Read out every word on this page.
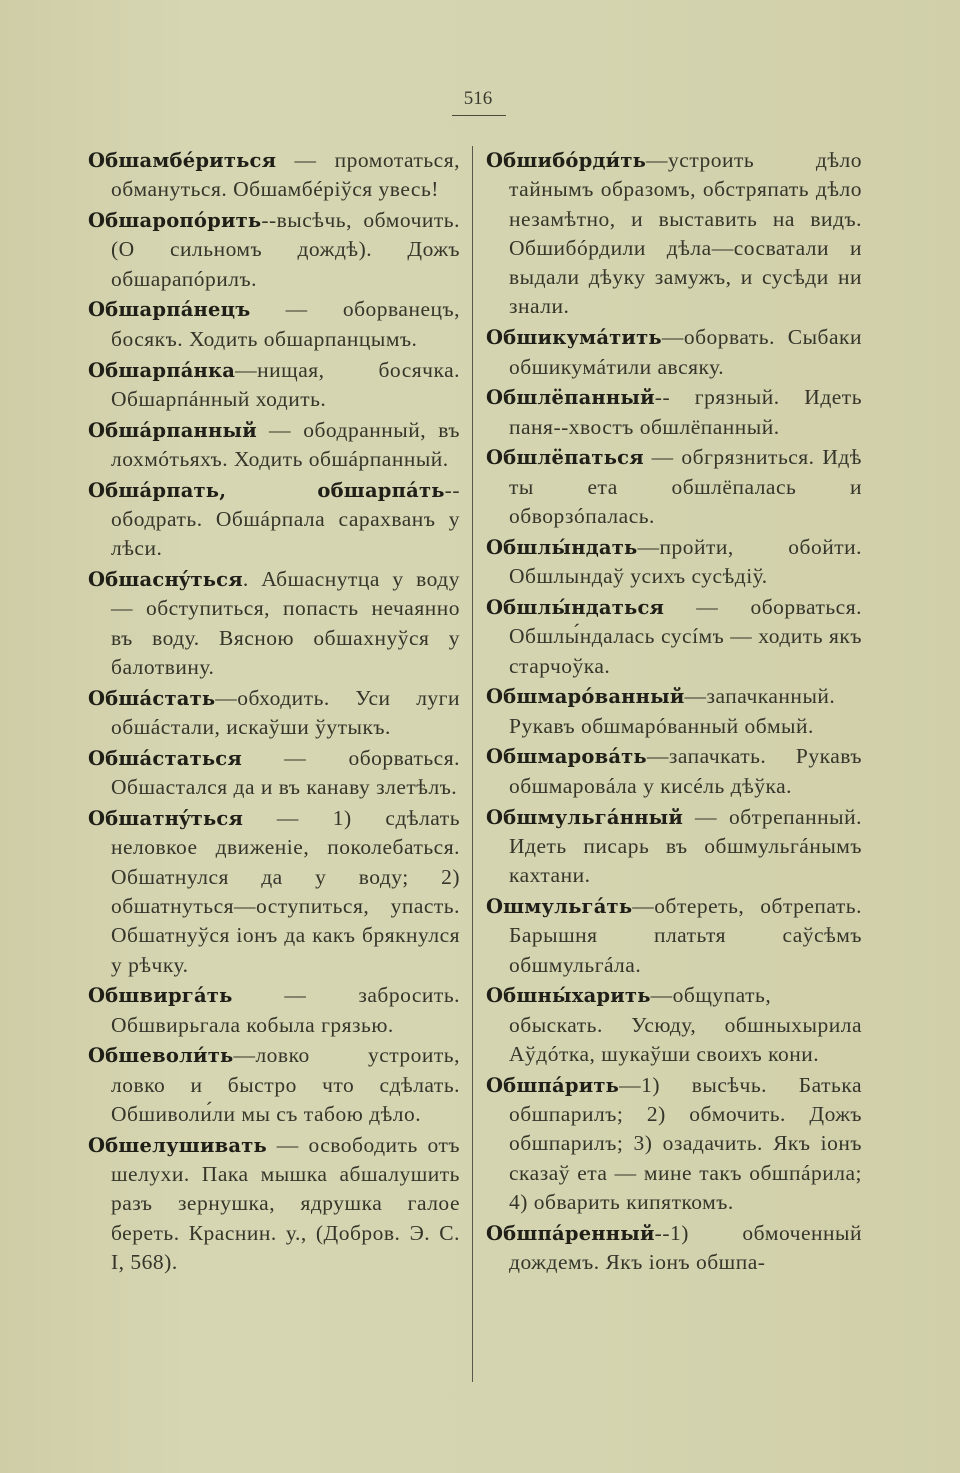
516

Обшамбéриться — промотаться, обмануться. Обшамбéріўся увесь!

Обшаропóрить--высѣчь, обмочить. (О сильномъ дождѣ). Дожъ обшарапóрилъ.

Обшарпáнецъ — оборванецъ, босякъ. Ходить обшарпанцымъ.

Обшарпáнка—нищая, босячка. Обшарпáнный ходить.

Обшáрпанный — ободранный, въ лохмóтьяхъ. Ходить обшáрпанный.

Обшáрпать, обшарпáть--ободрать. Обшáрпала сарахванъ у лѣси.

Обшаснýться. Абшаснутца у воду — обступиться, попасть нечаянно въ воду. Вясною обшахнуўся у балотвину.

Обшáстать—обходить. Уси луги обшáстали, искаўши ўутыкъ.

Обшáстаться — оборваться. Обшастался да и въ канаву злетѣлъ.

Обшатнýться — 1) сдѣлать неловкое движеніе, поколебаться. Обшатнулся да у воду; 2) обшатнуться—оступиться, упасть. Обшатнуўся іонъ да какъ брякнулся у рѣчку.

Обшвиргáть — забросить. Обшвирьгала кобыла грязью.

Обшеволи́ть—ловко устроить, ловко и быстро что сдѣлать. Обшиволи́ли мы съ табою дѣло.

Обшелушивать — освободить отъ шелухи. Пака мышка абшалушить разъ зернушка, ядрушка галое береть. Краснин. у., (Добров. Э. С. I, 568).

Обшибóрди́ть—устроить дѣло тайнымъ образомъ, обстряпать дѣло незамѣтно, и выставить на видъ. Обшибóрдили дѣла—сосватали и выдали дѣуку замужъ, и сусѣди ни знали.

Обшикумáтить—оборвать. Сыбаки обшикумáтили авсяку.

Обшлёпанный-- грязный. Идеть паня--хвостъ обшлёпанный.

Обшлёпаться — обгрязниться. Идѣ ты ета обшлёпалась и обворзóпалась.

Обшлы́ндать—пройти, обойти. Обшлындаў усихъ сусѣдіў.

Обшлы́ндаться — оборваться. Обшлы́ндалась сусíмъ — ходить якъ старчоўка.

Обшмарóванный—запачканный. Рукавъ обшмарóванный обмый.

Обшмаровáть—запачкать. Рукавъ обшмаровáла у кисéль дѣўка.

Обшмульгáнный — обтрепанный. Идеть писарь въ обшмульгáнымъ кахтани.

Ошмульгáть—обтереть, обтрепать. Барышня платьтя саўсѣмъ обшмульгáла.

Обшны́харить—общупать, обыскать. Усюду, обшныхырила Аўдóтка, шукаўши своихъ кони.

Обшпáрить—1) высѣчь. Батька обшпарилъ; 2) обмочить. Дожъ обшпарилъ; 3) озадачить. Якъ іонъ сказаў ета — мине такъ обшпáрила; 4) обварить кипяткомъ.

Обшпáренный--1) обмоченный дождемъ. Якъ іонъ обшпа-
